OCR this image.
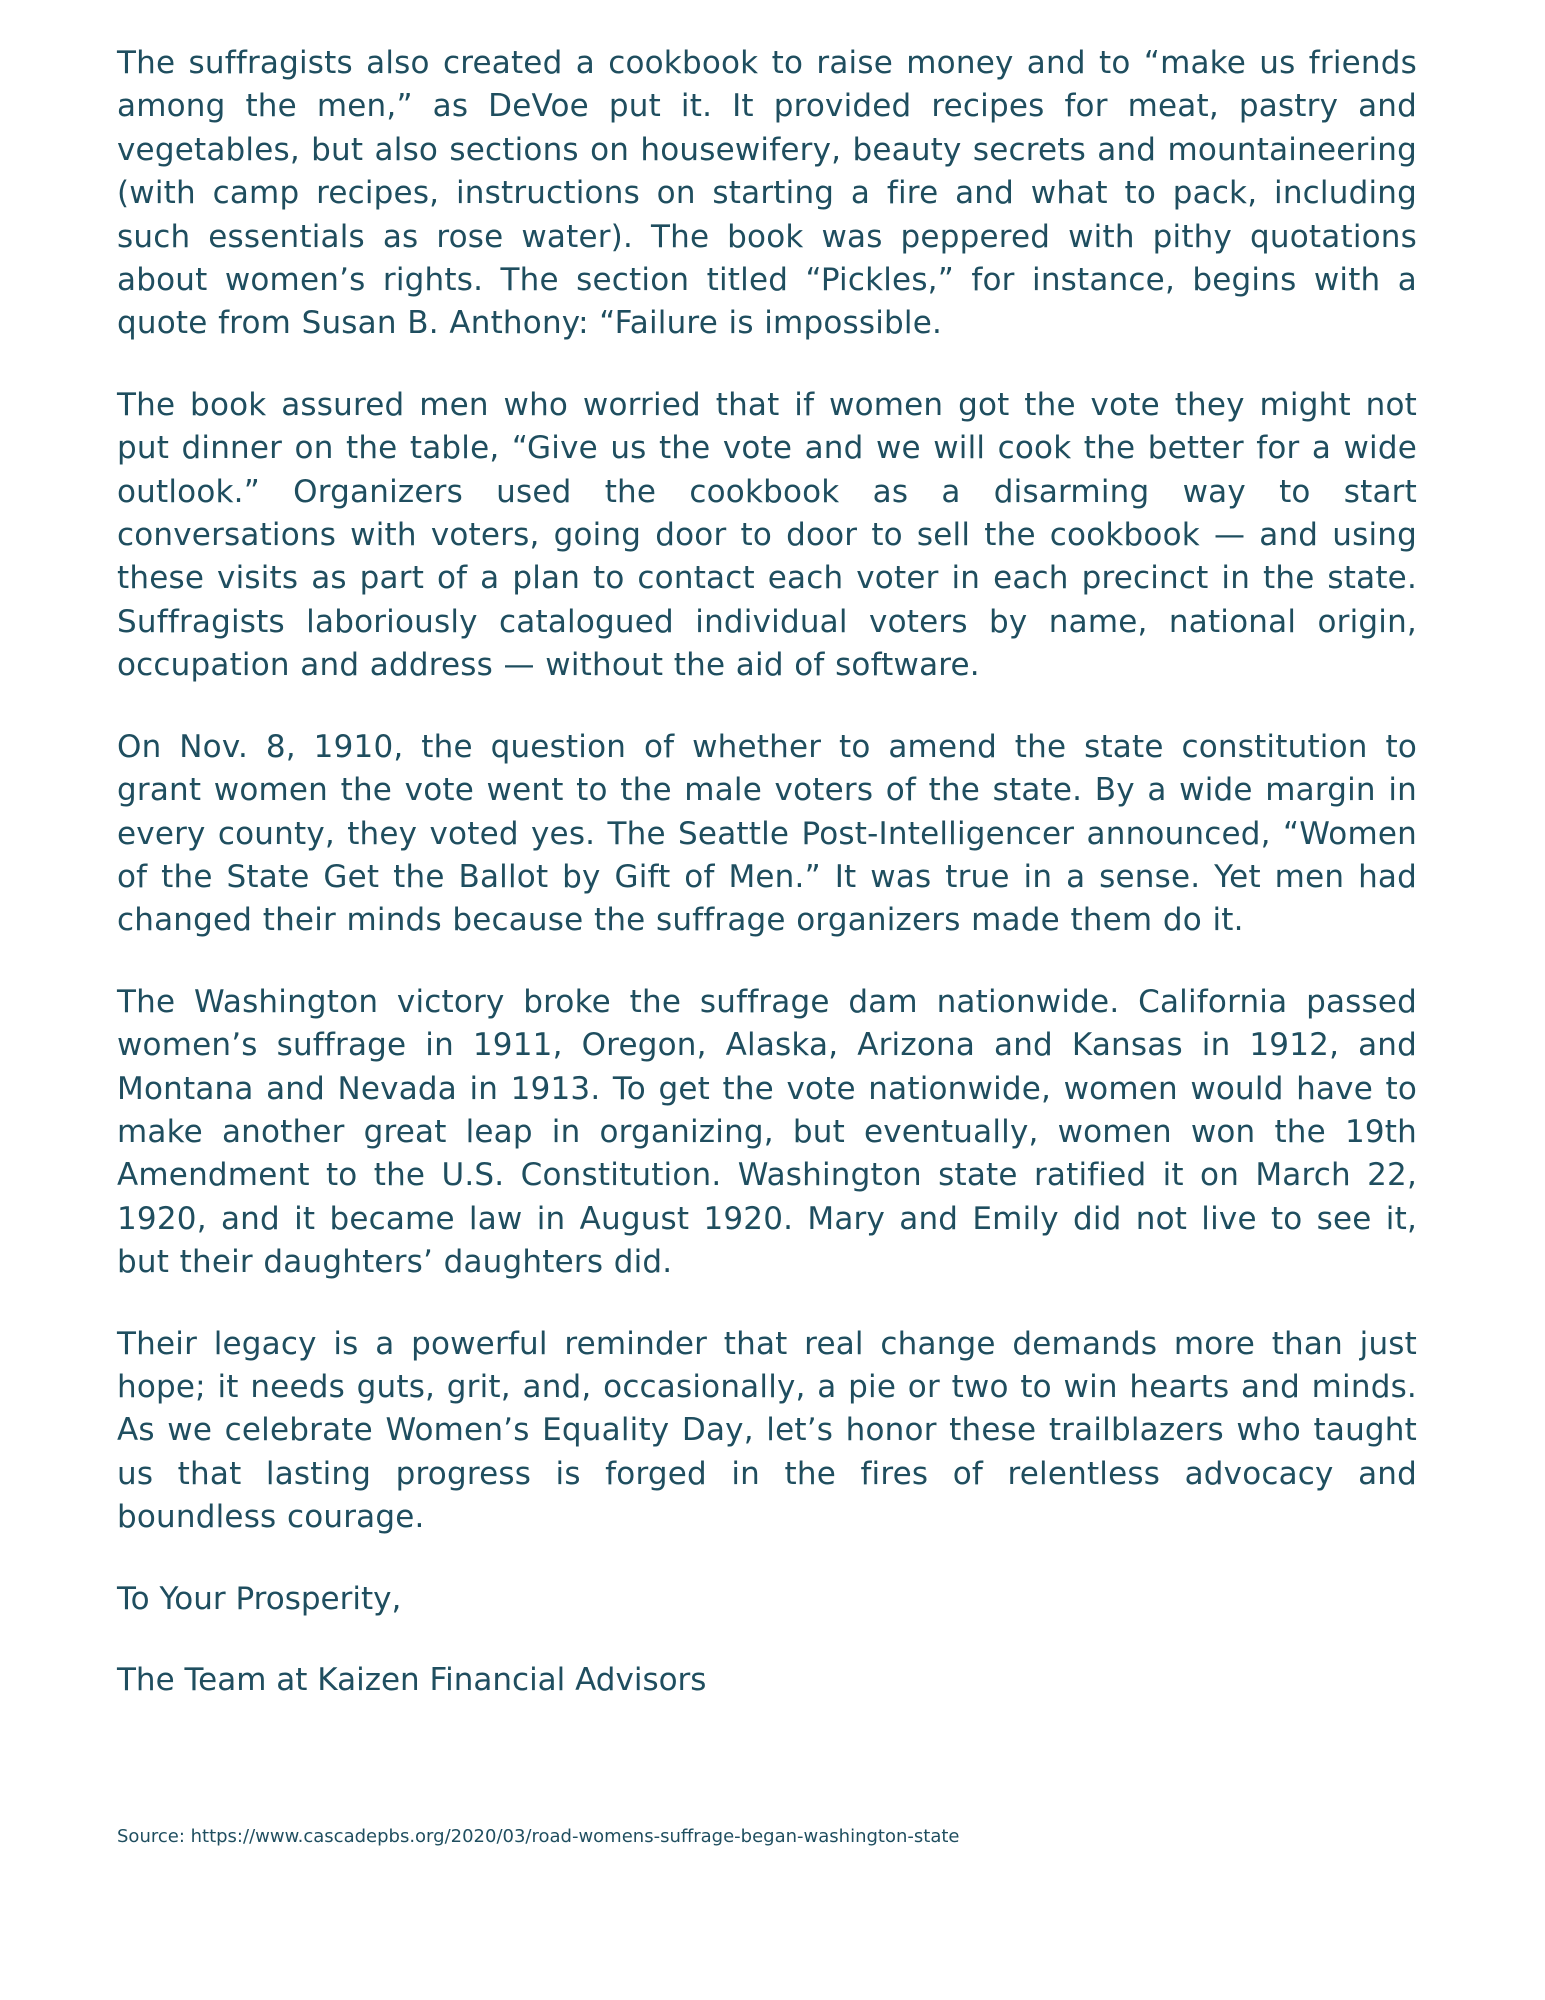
The suffragists also created a cookbook to raise money and to “make us friends among the men,” as DeVoe put it. It provided recipes for meat, pastry and vegetables, but also sections on housewifery, beauty secrets and mountaineering (with camp recipes, instructions on starting a fire and what to pack, including such essentials as rose water). The book was peppered with pithy quotations about women’s rights. The section titled “Pickles,” for instance, begins with a quote from Susan B. Anthony: “Failure is impossible.

The book assured men who worried that if women got the vote they might not put dinner on the table, “Give us the vote and we will cook the better for a wide outlook.” Organizers used the cookbook as a disarming way to start conversations with voters, going door to door to sell the cookbook — and using these visits as part of a plan to contact each voter in each precinct in the state. Suffragists laboriously catalogued individual voters by name, national origin, occupation and address — without the aid of software.

On Nov. 8, 1910, the question of whether to amend the state constitution to grant women the vote went to the male voters of the state. By a wide margin in every county, they voted yes. The Seattle Post-Intelligencer announced, “Women of the State Get the Ballot by Gift of Men.” It was true in a sense. Yet men had changed their minds because the suffrage organizers made them do it.

The Washington victory broke the suffrage dam nationwide. California passed women’s suffrage in 1911, Oregon, Alaska, Arizona and Kansas in 1912, and Montana and Nevada in 1913. To get the vote nationwide, women would have to make another great leap in organizing, but eventually, women won the 19th Amendment to the U.S. Constitution. Washington state ratified it on March 22, 1920, and it became law in August 1920. Mary and Emily did not live to see it, but their daughters’ daughters did.

Their legacy is a powerful reminder that real change demands more than just hope; it needs guts, grit, and, occasionally, a pie or two to win hearts and minds. As we celebrate Women’s Equality Day, let’s honor these trailblazers who taught us that lasting progress is forged in the fires of relentless advocacy and boundless courage.

To Your Prosperity,

The Team at Kaizen Financial Advisors

Source: https://www.cascadepbs.org/2020/03/road-womens-suffrage-began-washington-state
